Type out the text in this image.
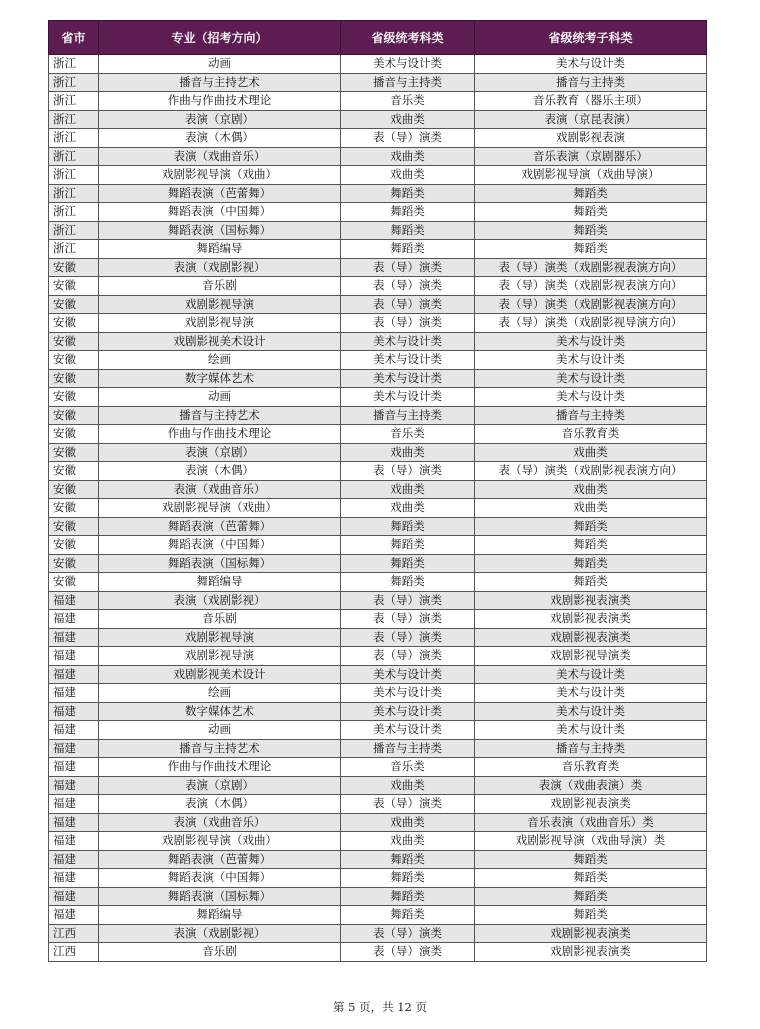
省市	专业（招考方向）	省级统考科类	省级统考子科类
浙江	动画	美术与设计类	美术与设计类
浙江	播音与主持艺术	播音与主持类	播音与主持类
浙江	作曲与作曲技术理论	音乐类	音乐教育（器乐主项）
浙江	表演（京剧）	戏曲类	表演（京昆表演）
浙江	表演（木偶）	表（导）演类	戏剧影视表演
浙江	表演（戏曲音乐）	戏曲类	音乐表演（京剧器乐）
浙江	戏剧影视导演（戏曲）	戏曲类	戏剧影视导演（戏曲导演）
浙江	舞蹈表演（芭蕾舞）	舞蹈类	舞蹈类
浙江	舞蹈表演（中国舞）	舞蹈类	舞蹈类
浙江	舞蹈表演（国标舞）	舞蹈类	舞蹈类
浙江	舞蹈编导	舞蹈类	舞蹈类
安徽	表演（戏剧影视）	表（导）演类	表（导）演类（戏剧影视表演方向）
安徽	音乐剧	表（导）演类	表（导）演类（戏剧影视表演方向）
安徽	戏剧影视导演	表（导）演类	表（导）演类（戏剧影视表演方向）
安徽	戏剧影视导演	表（导）演类	表（导）演类（戏剧影视导演方向）
安徽	戏剧影视美术设计	美术与设计类	美术与设计类
安徽	绘画	美术与设计类	美术与设计类
安徽	数字媒体艺术	美术与设计类	美术与设计类
安徽	动画	美术与设计类	美术与设计类
安徽	播音与主持艺术	播音与主持类	播音与主持类
安徽	作曲与作曲技术理论	音乐类	音乐教育类
安徽	表演（京剧）	戏曲类	戏曲类
安徽	表演（木偶）	表（导）演类	表（导）演类（戏剧影视表演方向）
安徽	表演（戏曲音乐）	戏曲类	戏曲类
安徽	戏剧影视导演（戏曲）	戏曲类	戏曲类
安徽	舞蹈表演（芭蕾舞）	舞蹈类	舞蹈类
安徽	舞蹈表演（中国舞）	舞蹈类	舞蹈类
安徽	舞蹈表演（国标舞）	舞蹈类	舞蹈类
安徽	舞蹈编导	舞蹈类	舞蹈类
福建	表演（戏剧影视）	表（导）演类	戏剧影视表演类
福建	音乐剧	表（导）演类	戏剧影视表演类
福建	戏剧影视导演	表（导）演类	戏剧影视表演类
福建	戏剧影视导演	表（导）演类	戏剧影视导演类
福建	戏剧影视美术设计	美术与设计类	美术与设计类
福建	绘画	美术与设计类	美术与设计类
福建	数字媒体艺术	美术与设计类	美术与设计类
福建	动画	美术与设计类	美术与设计类
福建	播音与主持艺术	播音与主持类	播音与主持类
福建	作曲与作曲技术理论	音乐类	音乐教育类
福建	表演（京剧）	戏曲类	表演（戏曲表演）类
福建	表演（木偶）	表（导）演类	戏剧影视表演类
福建	表演（戏曲音乐）	戏曲类	音乐表演（戏曲音乐）类
福建	戏剧影视导演（戏曲）	戏曲类	戏剧影视导演（戏曲导演）类
福建	舞蹈表演（芭蕾舞）	舞蹈类	舞蹈类
福建	舞蹈表演（中国舞）	舞蹈类	舞蹈类
福建	舞蹈表演（国标舞）	舞蹈类	舞蹈类
福建	舞蹈编导	舞蹈类	舞蹈类
江西	表演（戏剧影视）	表（导）演类	戏剧影视表演类
江西	音乐剧	表（导）演类	戏剧影视表演类
第 5 页，共 12 页
